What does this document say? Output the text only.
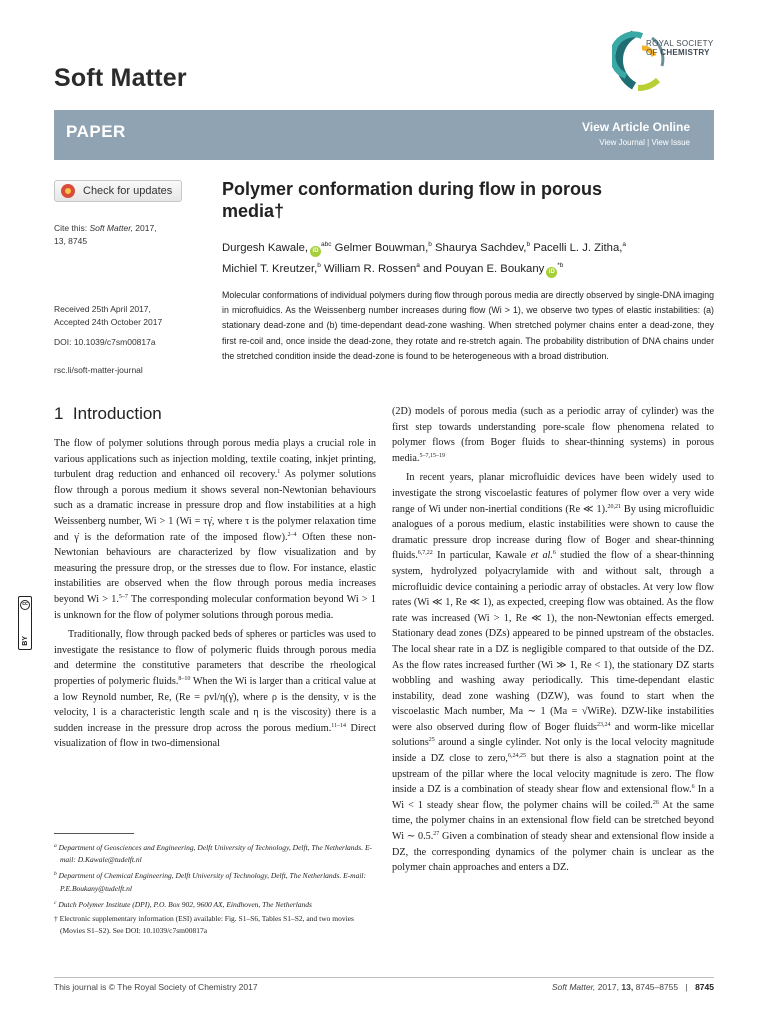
Soft Matter
ROYAL SOCIETY
OF CHEMISTRY
PAPER	View Article Online
View Journal | View Issue
Check for updates
Cite this: Soft Matter, 2017,
13, 8745
Received 25th April 2017,
Accepted 24th October 2017
DOI: 10.1039/c7sm00817a
rsc.li/soft-matter-journal
Polymer conformation during flow in porous
media†
Durgesh Kawale, $iD^{abc}$ Gelmer Bouwman,$^b$ Shaurya Sachdev,$^b$ Pacelli L. J. Zitha,$^a$
Michiel T. Kreutzer,$^b$ William R. Rossen$^a$ and Pouyan E. Boukany $iD^{*b}$
Molecular conformations of individual polymers during flow through porous media are directly observed by single-DNA imaging in microfluidics. As the Weissenberg number increases during flow (Wi > 1), we observe two types of elastic instabilities: (a) stationary dead-zone and (b) time-dependant dead-zone washing. When stretched polymer chains enter a dead-zone, they first re-coil and, once inside the dead-zone, they rotate and re-stretch again. The probability distribution of DNA chains under the stretched condition inside the dead-zone is found to be heterogeneous with a broad distribution.
1 Introduction

The flow of polymer solutions through porous media plays a crucial role in various applications such as injection molding, textile coating, inkjet printing, turbulent drag reduction and enhanced oil recovery.$^1$ As polymer solutions flow through a porous medium it shows several non-Newtonian behaviours such as a dramatic increase in pressure drop and flow instabilities at a high Weissenberg number, Wi > 1 (Wi = τγ̇, where τ is the polymer relaxation time and γ̇ is the deformation rate of the imposed flow).$^{2-4}$ Often these non-Newtonian behaviours are characterized by flow visualization and by measuring the pressure drop, or the stresses due to flow. For instance, elastic instabilities are observed when the flow through porous media increases beyond Wi > 1.$^{5-7}$ The corresponding molecular conformation beyond Wi > 1 is unknown for the flow of polymer solutions through porous media.

Traditionally, flow through packed beds of spheres or particles was used to investigate the resistance to flow of polymeric fluids through porous media and determine the constitutive parameters that describe the rheological properties of polymeric fluids.$^{8-10}$ When the Wi is larger than a critical value at a low Reynold number, Re, (Re = ρvl/η(γ̇), where ρ is the density, v is the velocity, l is a characteristic length scale and η is the viscosity) there is a sudden increase in the pressure drop across the porous medium.$^{11-14}$ Direct visualization of flow in two-dimensional

(2D) models of porous media (such as a periodic array of cylinder) was the first step towards understanding pore-scale flow phenomena related to polymer flows (from Boger fluids to shear-thinning systems) in porous media.$^{5-7,15-19}$

In recent years, planar microfluidic devices have been widely used to investigate the strong viscoelastic features of polymer flow over a very wide range of Wi under non-inertial conditions (Re ≪ 1).$^{20,21}$ By using microfluidic analogues of a porous medium, elastic instabilities were shown to cause the dramatic pressure drop increase during flow of Boger and shear-thinning fluids.$^{6,7,22}$ In particular, Kawale et al.$^6$ studied the flow of a shear-thinning system, hydrolyzed polyacrylamide with and without salt, through a microfluidic device containing a periodic array of obstacles. At very low flow rates (Wi ≪ 1, Re ≪ 1), as expected, creeping flow was obtained. As the flow rate was increased (Wi > 1, Re ≪ 1), the non-Newtonian effects emerged. Stationary dead zones (DZs) appeared to be pinned upstream of the obstacles. The local shear rate in a DZ is negligible compared to that outside of the DZ. As the flow rates increased further (Wi ≫ 1, Re < 1), the stationary DZ starts wobbling and washing away periodically. This time-dependant elastic instability, dead zone washing (DZW), was found to start when the viscoelastic Mach number, Ma ∼ 1 (Ma = √WiRe). DZW-like instabilities were also observed during flow of Boger fluids$^{23,24}$ and worm-like micellar solutions$^{25}$ around a single cylinder. Not only is the local velocity magnitude inside a DZ close to zero,$^{6,24,25}$ but there is also a stagnation point at the upstream of the pillar where the local velocity magnitude is zero. The flow inside a DZ is a combination of steady shear flow and extensional flow.$^6$ In a Wi < 1 steady shear flow, the polymer chains will be coiled.$^{26}$ At the same time, the polymer chains in an extensional flow field can be stretched beyond Wi ∼ 0.5.27 Given a combination of steady shear and extensional flow inside a DZ, the corresponding dynamics of the polymer chain is unclear as the polymer chain approaches and enters a DZ.

$^a$ Department of Geosciences and Engineering, Delft University of Technology, Delft, The Netherlands. E-mail: D.Kawale@tudelft.nl
$^b$ Department of Chemical Engineering, Delft University of Technology, Delft, The Netherlands. E-mail: P.E.Boukany@tudelft.nl
$^c$ Dutch Polymer Institute (DPI), P.O. Box 902, 9600 AX, Eindhoven, The Netherlands
† Electronic supplementary information (ESI) available: Fig. S1–S6, Tables S1–S2, and two movies (Movies S1–S2). See DOI: 10.1039/c7sm00817a
cc
BY
This journal is © The Royal Society of Chemistry 2017	Soft Matter, 2017, 13, 8745–8755 | 8745
